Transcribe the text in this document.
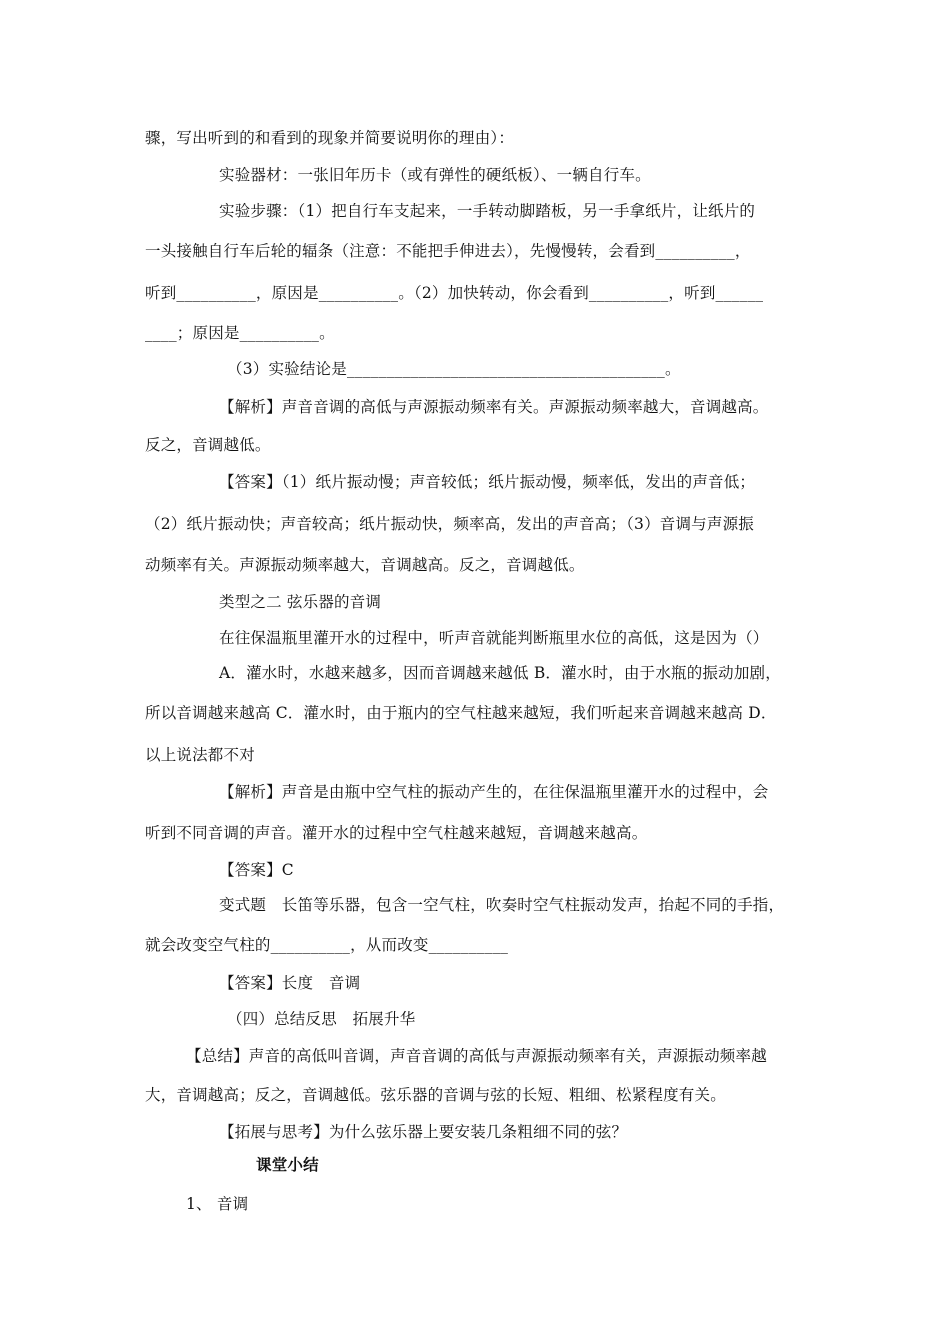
骤，写出听到的和看到的现象并简要说明你的理由）：
实验器材：一张旧年历卡（或有弹性的硬纸板）、一辆自行车。
实验步骤：（1）把自行车支起来，一手转动脚踏板，另一手拿纸片，让纸片的
一头接触自行车后轮的辐条（注意：不能把手伸进去），先慢慢转，会看到__________，
听到__________，原因是__________。（2）加快转动，你会看到__________，听到______
____；原因是__________。
（3）实验结论是________________________________________。
【解析】声音音调的高低与声源振动频率有关。声源振动频率越大，音调越高。
反之，音调越低。
【答案】（1）纸片振动慢；声音较低；纸片振动慢，频率低，发出的声音低；
（2）纸片振动快；声音较高；纸片振动快，频率高，发出的声音高；（3）音调与声源振
动频率有关。声源振动频率越大，音调越高。反之，音调越低。
类型之二 弦乐器的音调
在往保温瓶里灌开水的过程中，听声音就能判断瓶里水位的高低，这是因为（）
A．灌水时，水越来越多，因而音调越来越低 B．灌水时，由于水瓶的振动加剧，
所以音调越来越高 C．灌水时，由于瓶内的空气柱越来越短，我们听起来音调越来越高 D．
以上说法都不对
【解析】声音是由瓶中空气柱的振动产生的，在往保温瓶里灌开水的过程中，会
听到不同音调的声音。灌开水的过程中空气柱越来越短，音调越来越高。
【答案】C
变式题　长笛等乐器，包含一空气柱，吹奏时空气柱振动发声，抬起不同的手指，
就会改变空气柱的__________，从而改变__________
【答案】长度　音调
（四）总结反思　拓展升华
【总结】声音的高低叫音调，声音音调的高低与声源振动频率有关，声源振动频率越
大，音调越高；反之，音调越低。弦乐器的音调与弦的长短、粗细、松紧程度有关。
【拓展与思考】为什么弦乐器上要安装几条粗细不同的弦？
课堂小结
1、 音调
